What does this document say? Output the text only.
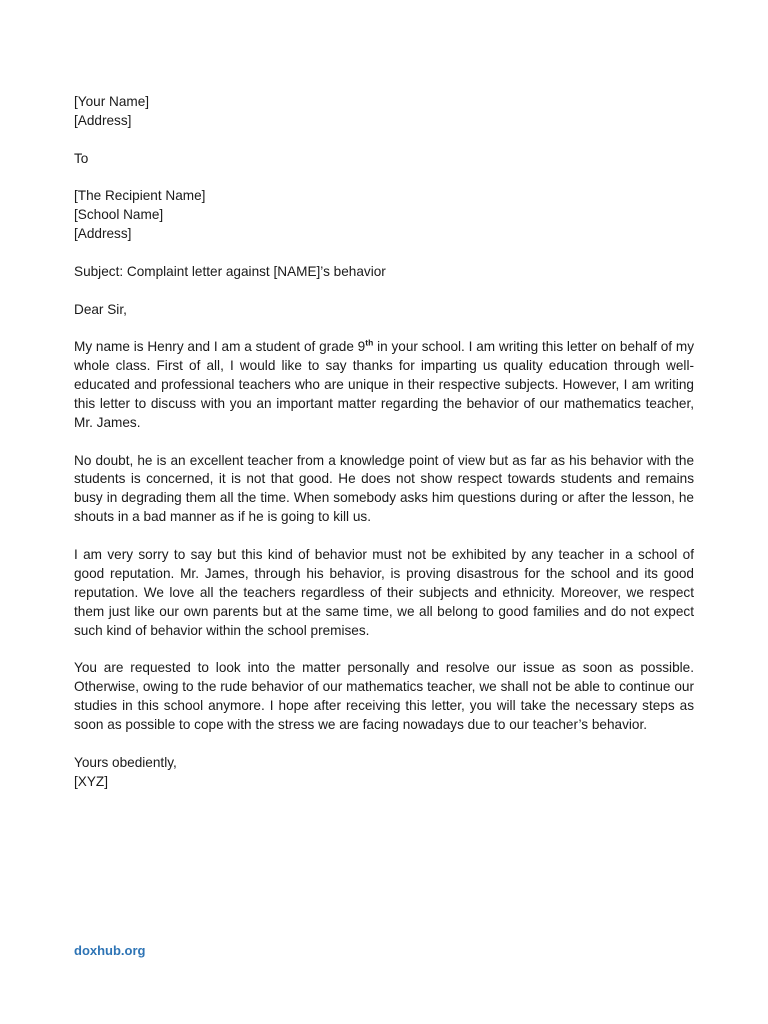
[Your Name]
[Address]
To
[The Recipient Name]
[School Name]
[Address]
Subject: Complaint letter against [NAME]’s behavior
Dear Sir,

My name is Henry and I am a student of grade 9th in your school. I am writing this letter on behalf of my whole class. First of all, I would like to say thanks for imparting us quality education through well-educated and professional teachers who are unique in their respective subjects. However, I am writing this letter to discuss with you an important matter regarding the behavior of our mathematics teacher, Mr. James.

No doubt, he is an excellent teacher from a knowledge point of view but as far as his behavior with the students is concerned, it is not that good. He does not show respect towards students and remains busy in degrading them all the time. When somebody asks him questions during or after the lesson, he shouts in a bad manner as if he is going to kill us.

I am very sorry to say but this kind of behavior must not be exhibited by any teacher in a school of good reputation. Mr. James, through his behavior, is proving disastrous for the school and its good reputation. We love all the teachers regardless of their subjects and ethnicity. Moreover, we respect them just like our own parents but at the same time, we all belong to good families and do not expect such kind of behavior within the school premises.

You are requested to look into the matter personally and resolve our issue as soon as possible. Otherwise, owing to the rude behavior of our mathematics teacher, we shall not be able to continue our studies in this school anymore. I hope after receiving this letter, you will take the necessary steps as soon as possible to cope with the stress we are facing nowadays due to our teacher’s behavior.

Yours obediently,
[XYZ]
doxhub.org
